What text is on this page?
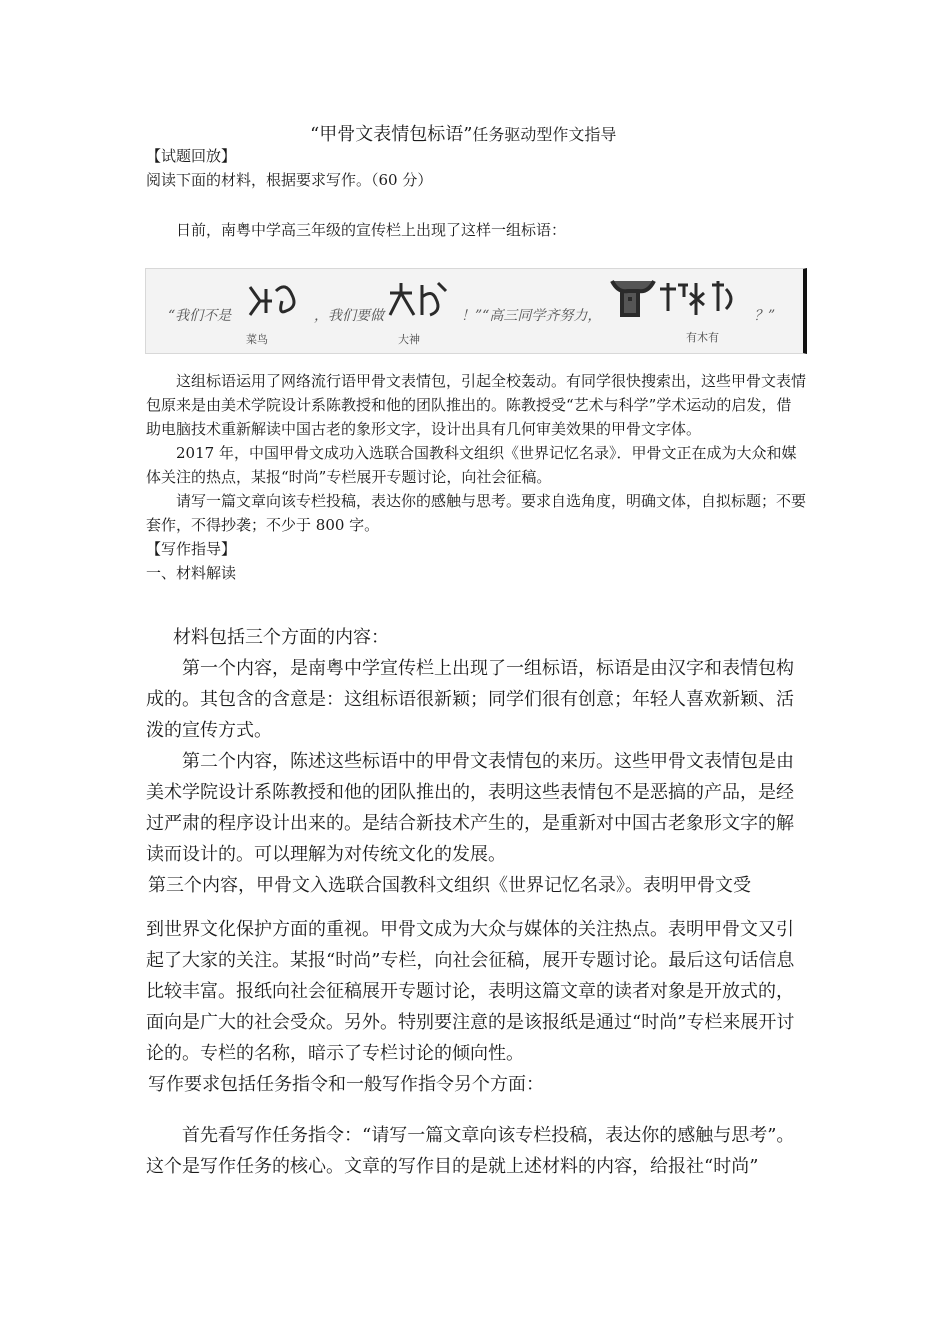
“甲骨文表情包标语”任务驱动型作文指导
【试题回放】
阅读下面的材料，根据要求写作。（60 分）
日前，南粤中学高三年级的宣传栏上出现了这样一组标语：
“我们不是
菜鸟
，我们要做
大神
！”“高三同学齐努力，
有木有
？”

这组标语运用了网络流行语甲骨文表情包，引起全校轰动。有同学很快搜索出，这些甲骨文表情包原来是由美术学院设计系陈教授和他的团队推出的。陈教授受“艺术与科学”学术运动的启发，借助电脑技术重新解读中国古老的象形文字，设计出具有几何审美效果的甲骨文字体。

2017 年，中国甲骨文成功入选联合国教科文组织《世界记忆名录》．甲骨文正在成为大众和媒体关注的热点，某报“时尚”专栏展开专题讨论，向社会征稿。

请写一篇文章向该专栏投稿，表达你的感触与思考。要求自选角度，明确文体，自拟标题；不要套作，不得抄袭；不少于 800 字。

【写作指导】

一、材料解读

材料包括三个方面的内容：

第一个内容，是南粤中学宣传栏上出现了一组标语，标语是由汉字和表情包构成的。其包含的含意是：这组标语很新颖；同学们很有创意；年轻人喜欢新颖、活泼的宣传方式。

第二个内容，陈述这些标语中的甲骨文表情包的来历。这些甲骨文表情包是由美术学院设计系陈教授和他的团队推出的，表明这些表情包不是恶搞的产品，是经过严肃的程序设计出来的。是结合新技术产生的，是重新对中国古老象形文字的解读而设计的。可以理解为对传统文化的发展。

第三个内容，甲骨文入选联合国教科文组织《世界记忆名录》。表明甲骨文受

到世界文化保护方面的重视。甲骨文成为大众与媒体的关注热点。表明甲骨文又引起了大家的关注。某报“时尚”专栏，向社会征稿，展开专题讨论。最后这句话信息比较丰富。报纸向社会征稿展开专题讨论，表明这篇文章的读者对象是开放式的，面向是广大的社会受众。另外。特别要注意的是该报纸是通过“时尚”专栏来展开讨论的。专栏的名称，暗示了专栏讨论的倾向性。

写作要求包括任务指令和一般写作指令另个方面：

首先看写作任务指令：“请写一篇文章向该专栏投稿，表达你的感触与思考”。这个是写作任务的核心。文章的写作目的是就上述材料的内容，给报社“时尚”
